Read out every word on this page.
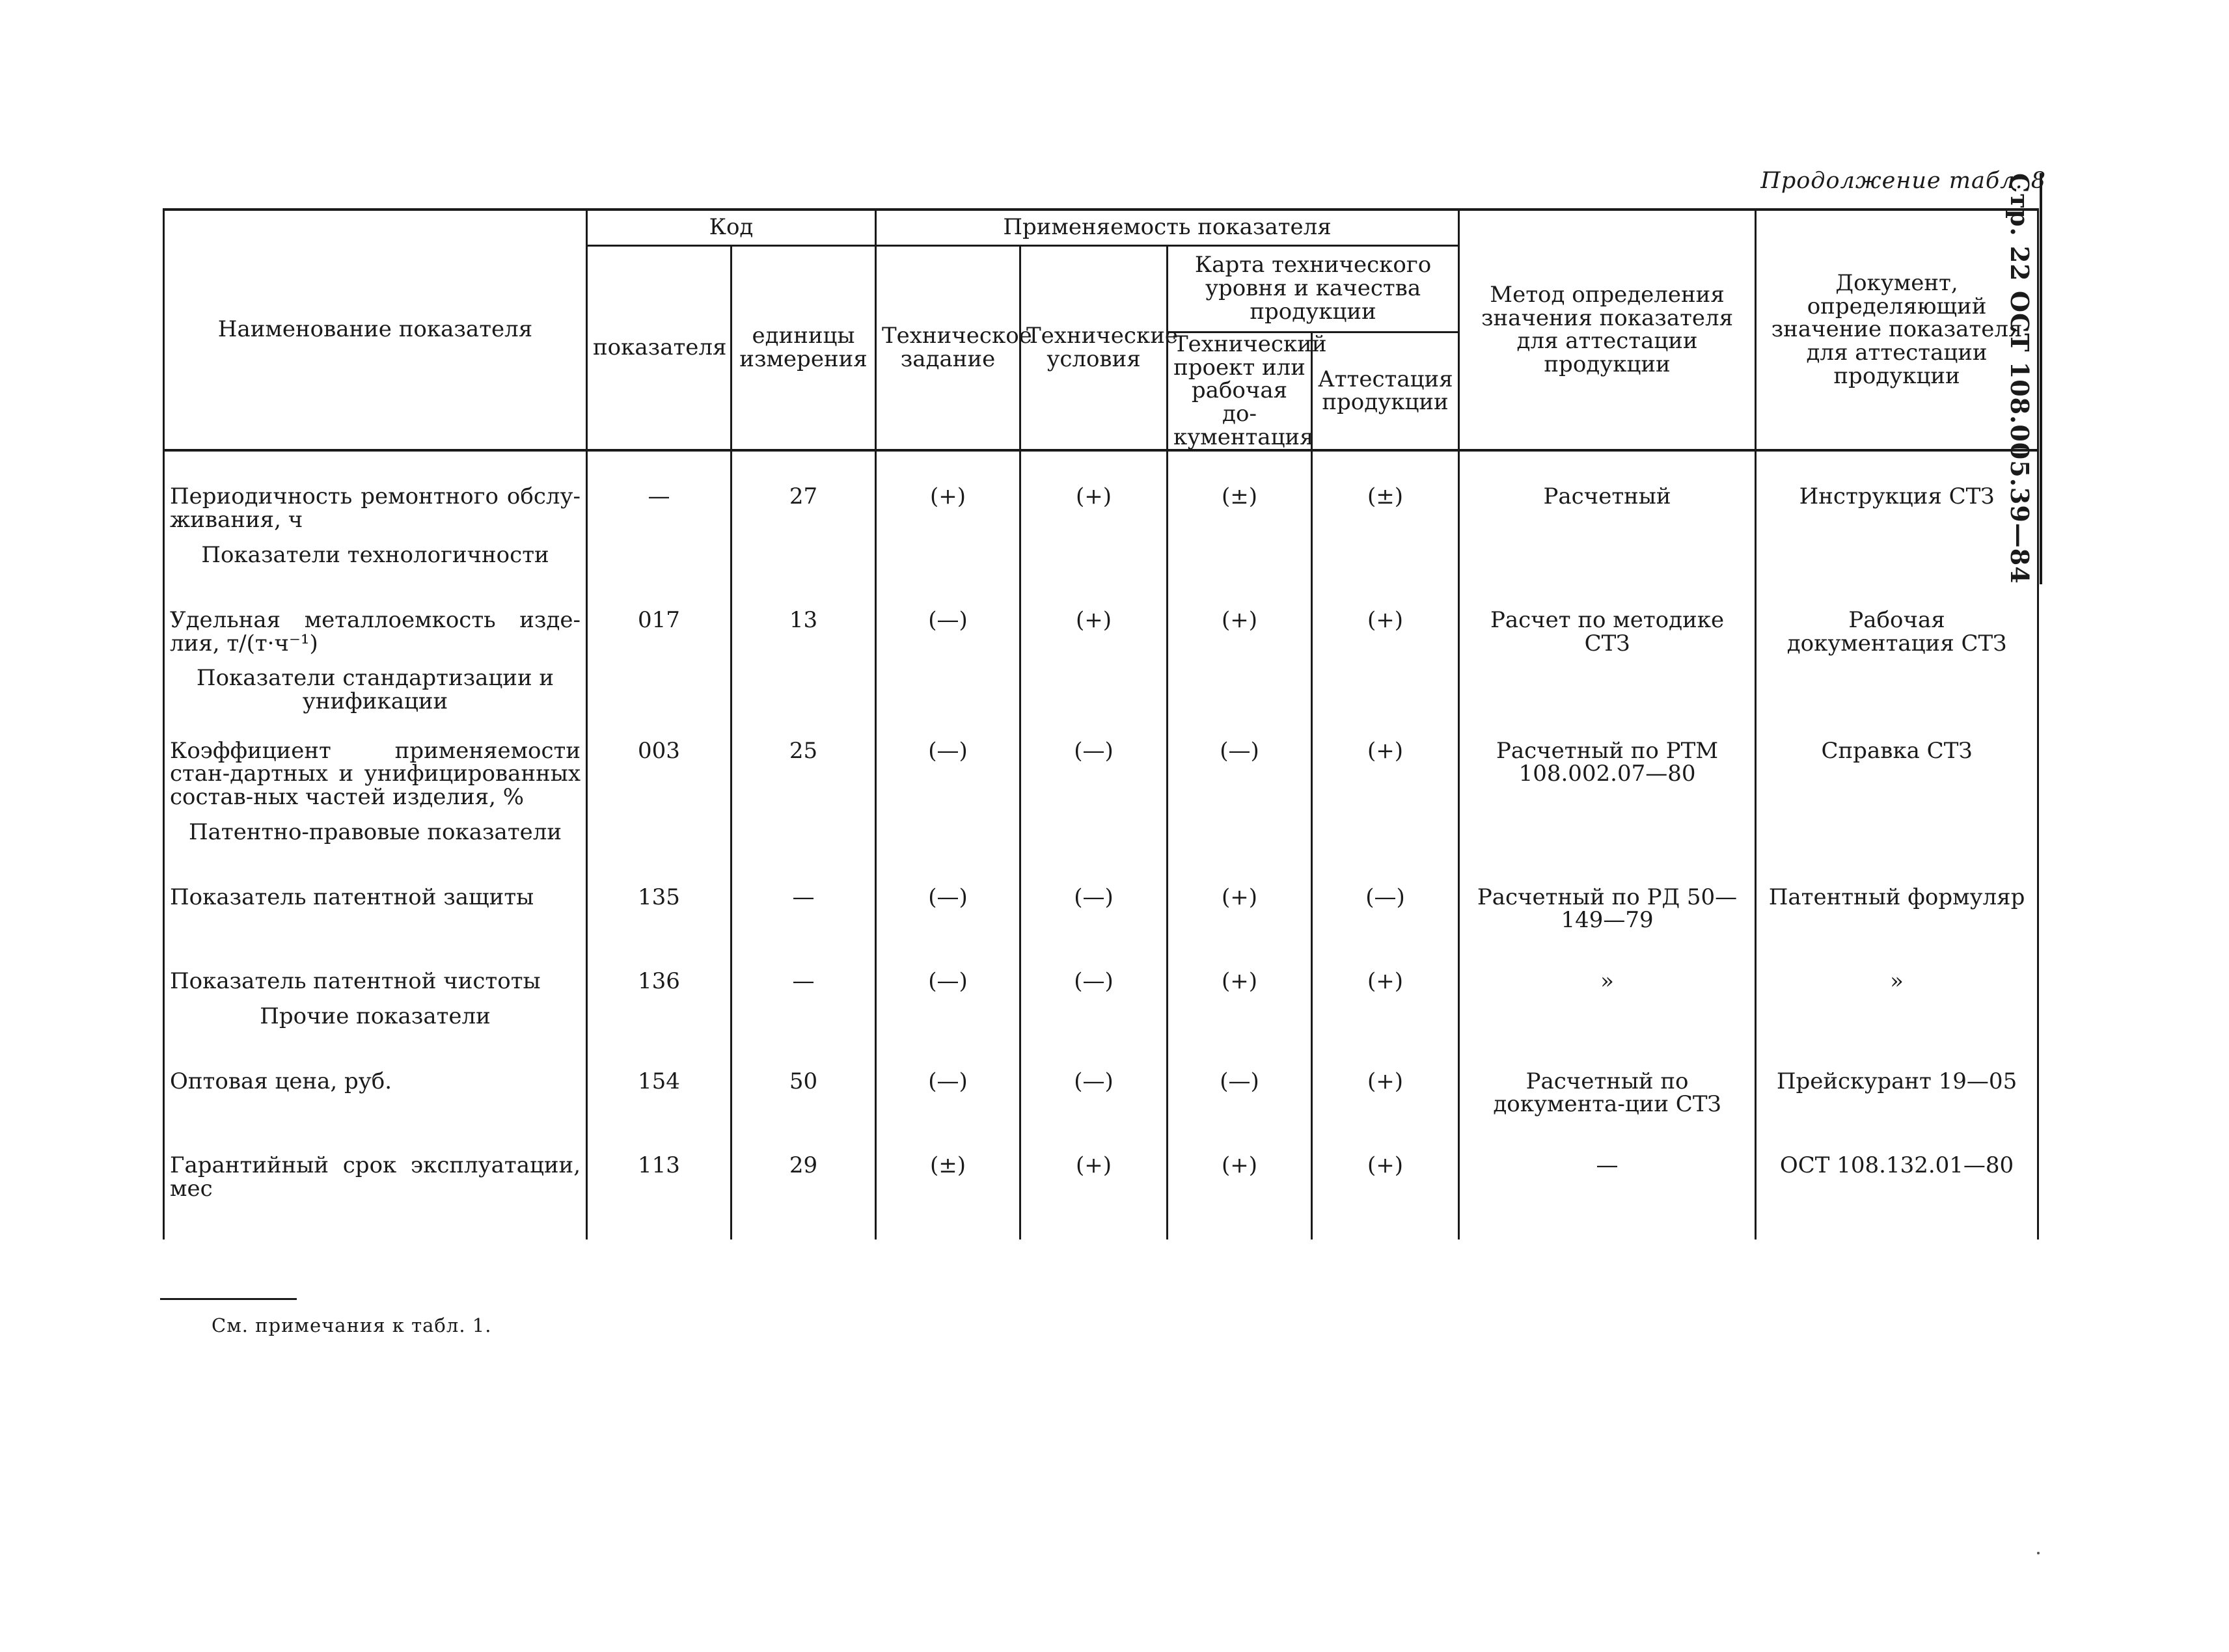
Продолжение табл. 8
Стр. 22 ОСТ 108.005.39—84
Наименование показателя	Код		Применяемость показателя				Метод определения значения показателя для аттестации продукции	Документ, определяющий значение показателя для аттестации продукции
	показателя	единицы измерения	Техническое задание	Технические условия	Карта технического уровня и качества продукции			
					Технический проект или рабочая до-кументация	Аттестация продукции		
Периодичность ремонтного обслу-живания, ч	—	27	(+)	(+)	(±)	(±)	Расчетный	Инструкция СТЗ
Показатели технологичности								
Удельная металлоемкость изде-лия, т/(т·ч⁻¹)	017	13	(—)	(+)	(+)	(+)	Расчет по методике СТЗ	Рабочая документация СТЗ
Показатели стандартизации и унификации								
Коэффициент применяемости стан-дартных и унифицированных состав-ных частей изделия, %	003	25	(—)	(—)	(—)	(+)	Расчетный по РТМ 108.002.07—80	Справка СТЗ
Патентно-правовые показатели								
Показатель патентной защиты	135	—	(—)	(—)	(+)	(—)	Расчетный по РД 50—149—79	Патентный формуляр
Показатель патентной чистоты	136	—	(—)	(—)	(+)	(+)	»	»
Прочие показатели								
Оптовая цена, руб.	154	50	(—)	(—)	(—)	(+)	Расчетный по документа-ции СТЗ	Прейскурант 19—05
Гарантийный срок эксплуатации, мес	113	29	(±)	(+)	(+)	(+)	—	ОСТ 108.132.01—80
См. примечания к табл. 1.
